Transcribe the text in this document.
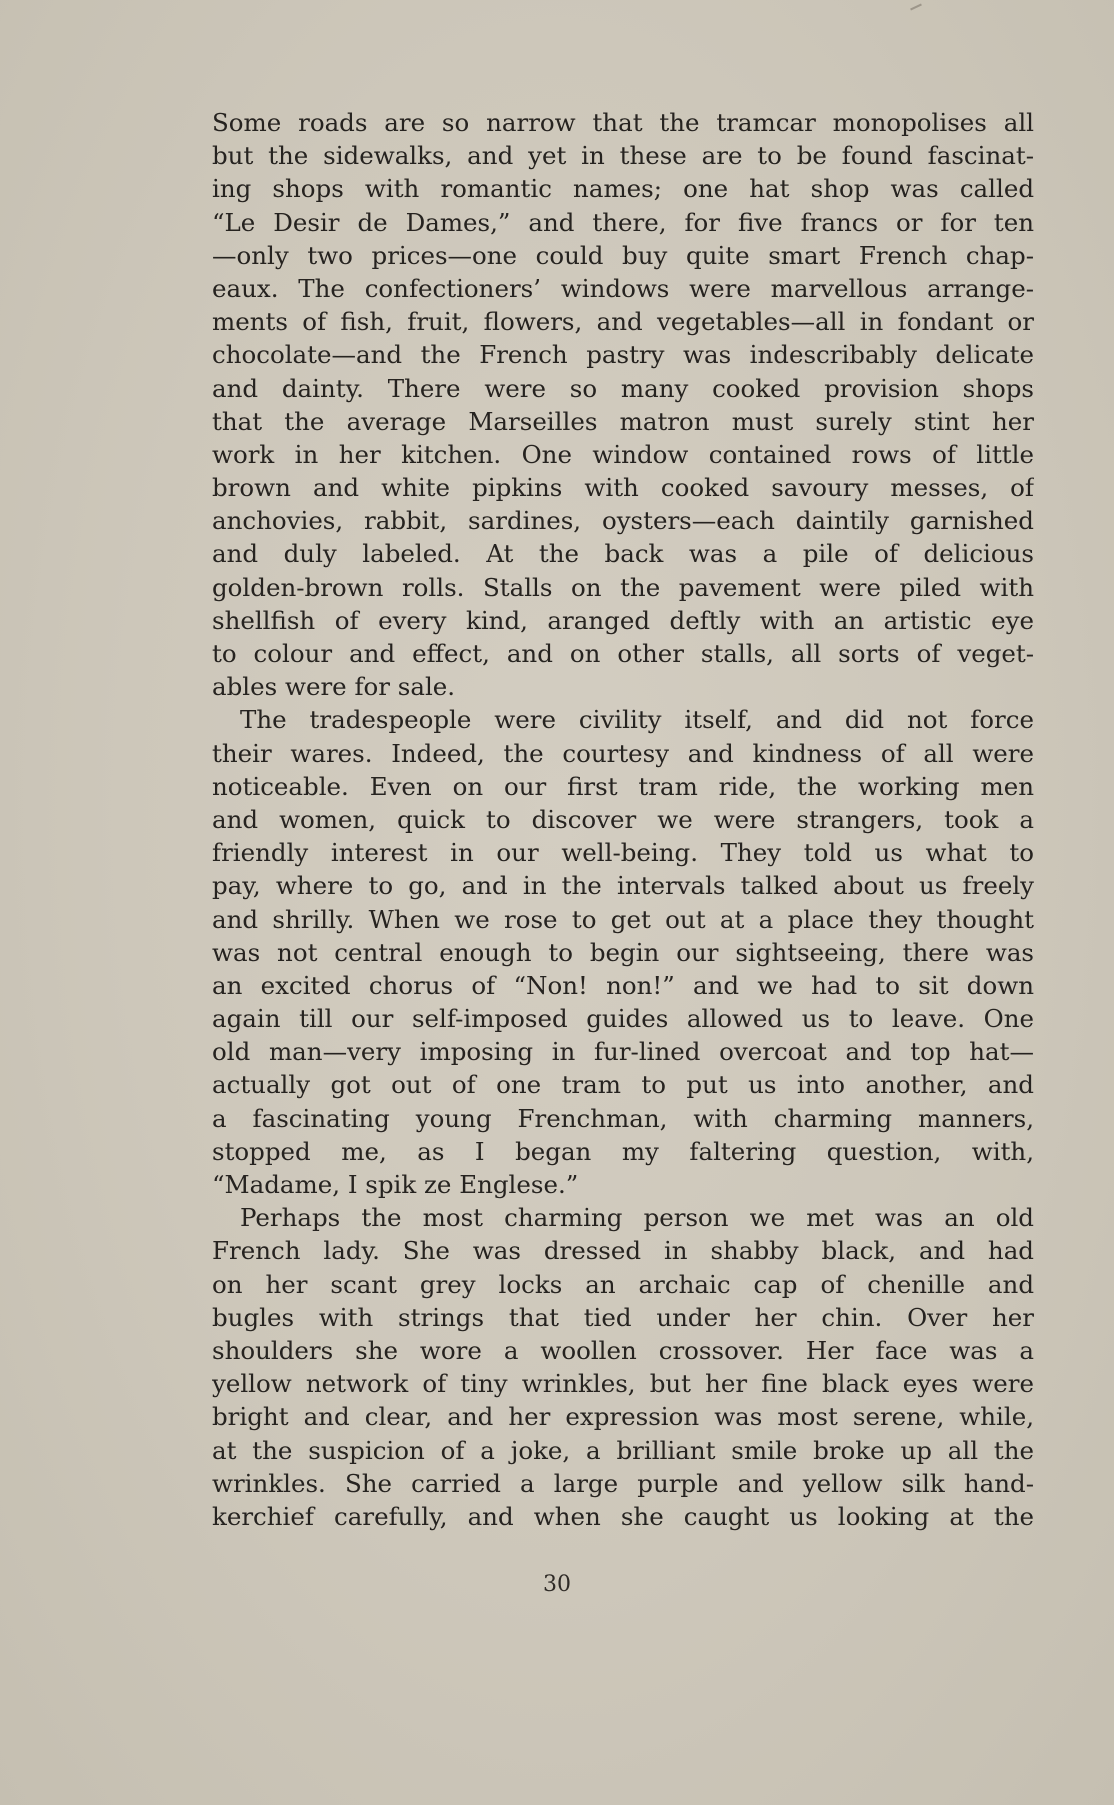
Some roads are so narrow that the tramcar monopolises all
but the sidewalks, and yet in these are to be found fascinat-
ing shops with romantic names; one hat shop was called
“Le Desir de Dames,” and there, for five francs or for ten
—only two prices—one could buy quite smart French chap-
eaux. The confectioners’ windows were marvellous arrange-
ments of fish, fruit, flowers, and vegetables—all in fondant or
chocolate—and the French pastry was indescribably delicate
and dainty. There were so many cooked provision shops
that the average Marseilles matron must surely stint her
work in her kitchen. One window contained rows of little
brown and white pipkins with cooked savoury messes, of
anchovies, rabbit, sardines, oysters—each daintily garnished
and duly labeled. At the back was a pile of delicious
golden-brown rolls. Stalls on the pavement were piled with
shellfish of every kind, aranged deftly with an artistic eye
to colour and effect, and on other stalls, all sorts of veget-
ables were for sale.
The tradespeople were civility itself, and did not force
their wares. Indeed, the courtesy and kindness of all were
noticeable. Even on our first tram ride, the working men
and women, quick to discover we were strangers, took a
friendly interest in our well-being. They told us what to
pay, where to go, and in the intervals talked about us freely
and shrilly. When we rose to get out at a place they thought
was not central enough to begin our sightseeing, there was
an excited chorus of “Non! non!” and we had to sit down
again till our self-imposed guides allowed us to leave. One
old man—very imposing in fur-lined overcoat and top hat—
actually got out of one tram to put us into another, and
a fascinating young Frenchman, with charming manners,
stopped me, as I began my faltering question, with,
“Madame, I spik ze Englese.”
Perhaps the most charming person we met was an old
French lady. She was dressed in shabby black, and had
on her scant grey locks an archaic cap of chenille and
bugles with strings that tied under her chin. Over her
shoulders she wore a woollen crossover. Her face was a
yellow network of tiny wrinkles, but her fine black eyes were
bright and clear, and her expression was most serene, while,
at the suspicion of a joke, a brilliant smile broke up all the
wrinkles. She carried a large purple and yellow silk hand-
kerchief carefully, and when she caught us looking at the
30
